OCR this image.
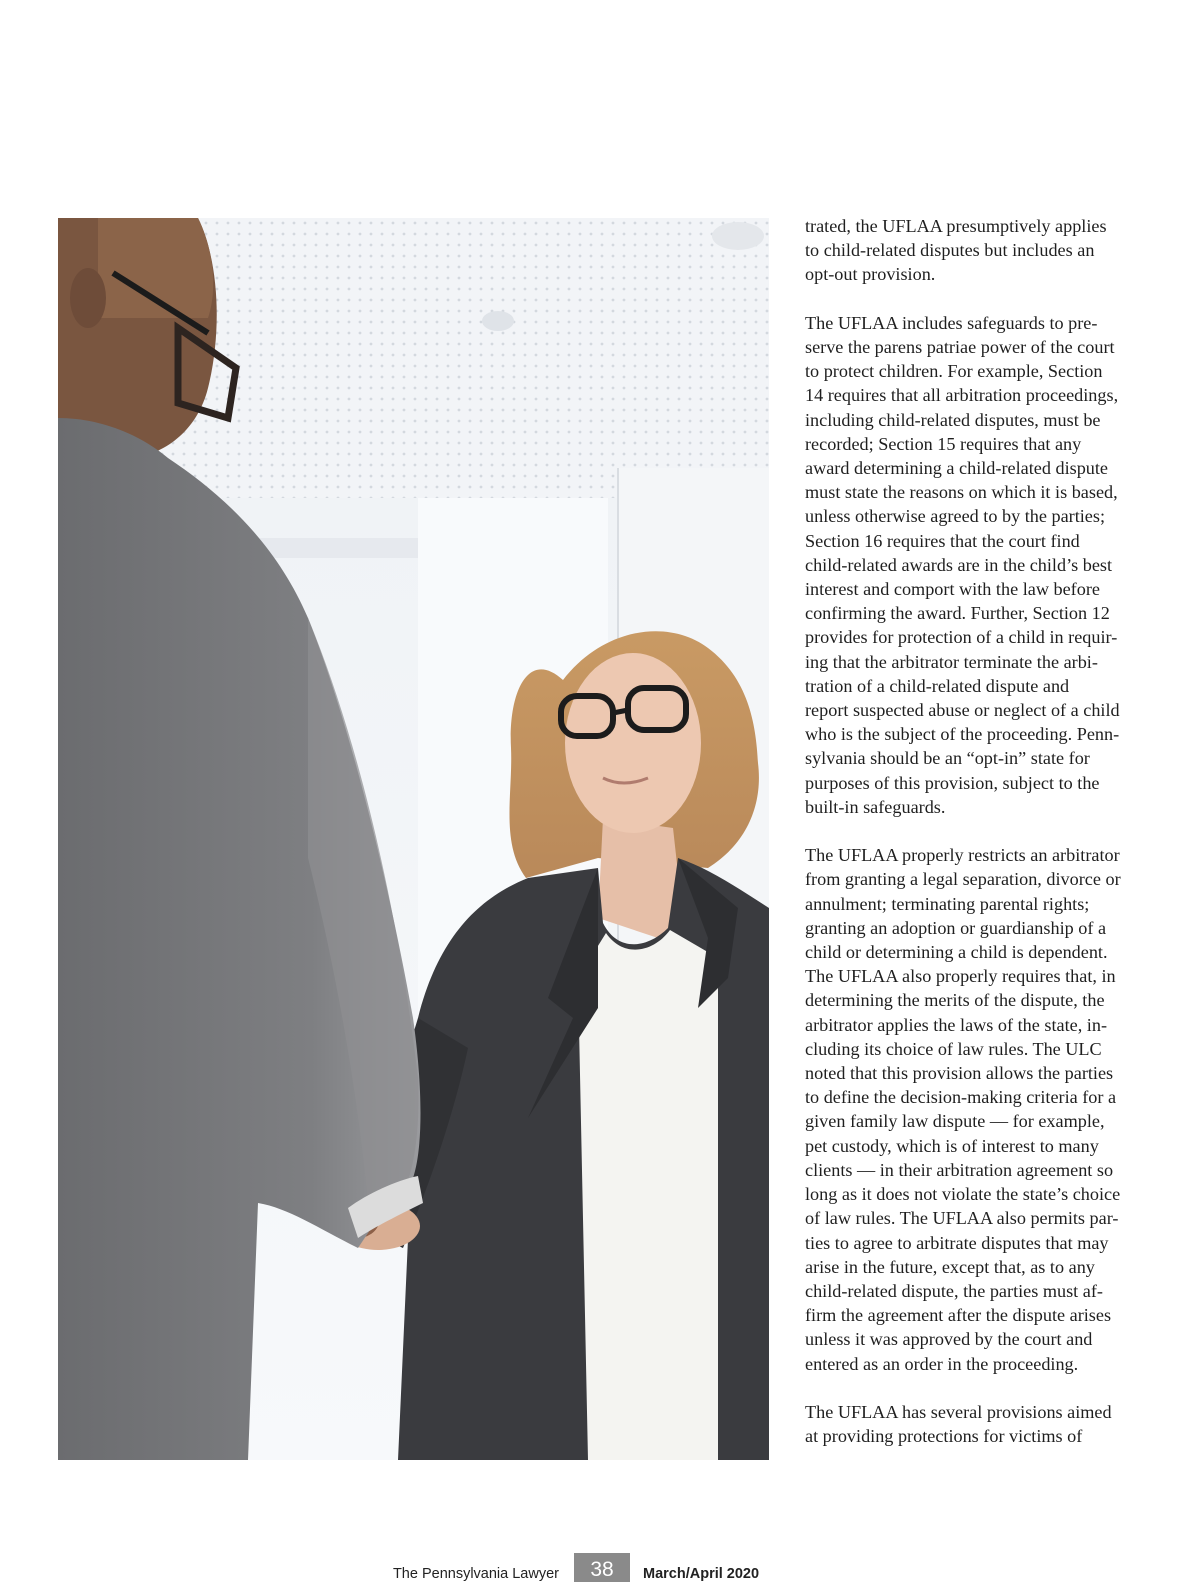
trated, the UFLAA presumptively applies
to child-related disputes but includes an
opt-out provision.
The UFLAA includes safeguards to pre-
serve the parens patriae power of the court
to protect children. For example, Section
14 requires that all arbitration proceedings,
including child-related disputes, must be
recorded; Section 15 requires that any
award determining a child-related dispute
must state the reasons on which it is based,
unless otherwise agreed to by the parties;
Section 16 requires that the court find
child-related awards are in the child’s best
interest and comport with the law before
confirming the award. Further, Section 12
provides for protection of a child in requir-
ing that the arbitrator terminate the arbi-
tration of a child-related dispute and
report suspected abuse or neglect of a child
who is the subject of the proceeding. Penn-
sylvania should be an “opt-in” state for
purposes of this provision, subject to the
built-in safeguards.
The UFLAA properly restricts an arbitrator
from granting a legal separation, divorce or
annulment; terminating parental rights;
granting an adoption or guardianship of a
child or determining a child is dependent.
The UFLAA also properly requires that, in
determining the merits of the dispute, the
arbitrator applies the laws of the state, in-
cluding its choice of law rules. The ULC
noted that this provision allows the parties
to define the decision-making criteria for a
given family law dispute — for example,
pet custody, which is of interest to many
clients — in their arbitration agreement so
long as it does not violate the state’s choice
of law rules. The UFLAA also permits par-
ties to agree to arbitrate disputes that may
arise in the future, except that, as to any
child-related dispute, the parties must af-
firm the agreement after the dispute arises
unless it was approved by the court and
entered as an order in the proceeding.
The UFLAA has several provisions aimed
at providing protections for victims of
The Pennsylvania Lawyer	38	March/April 2020
